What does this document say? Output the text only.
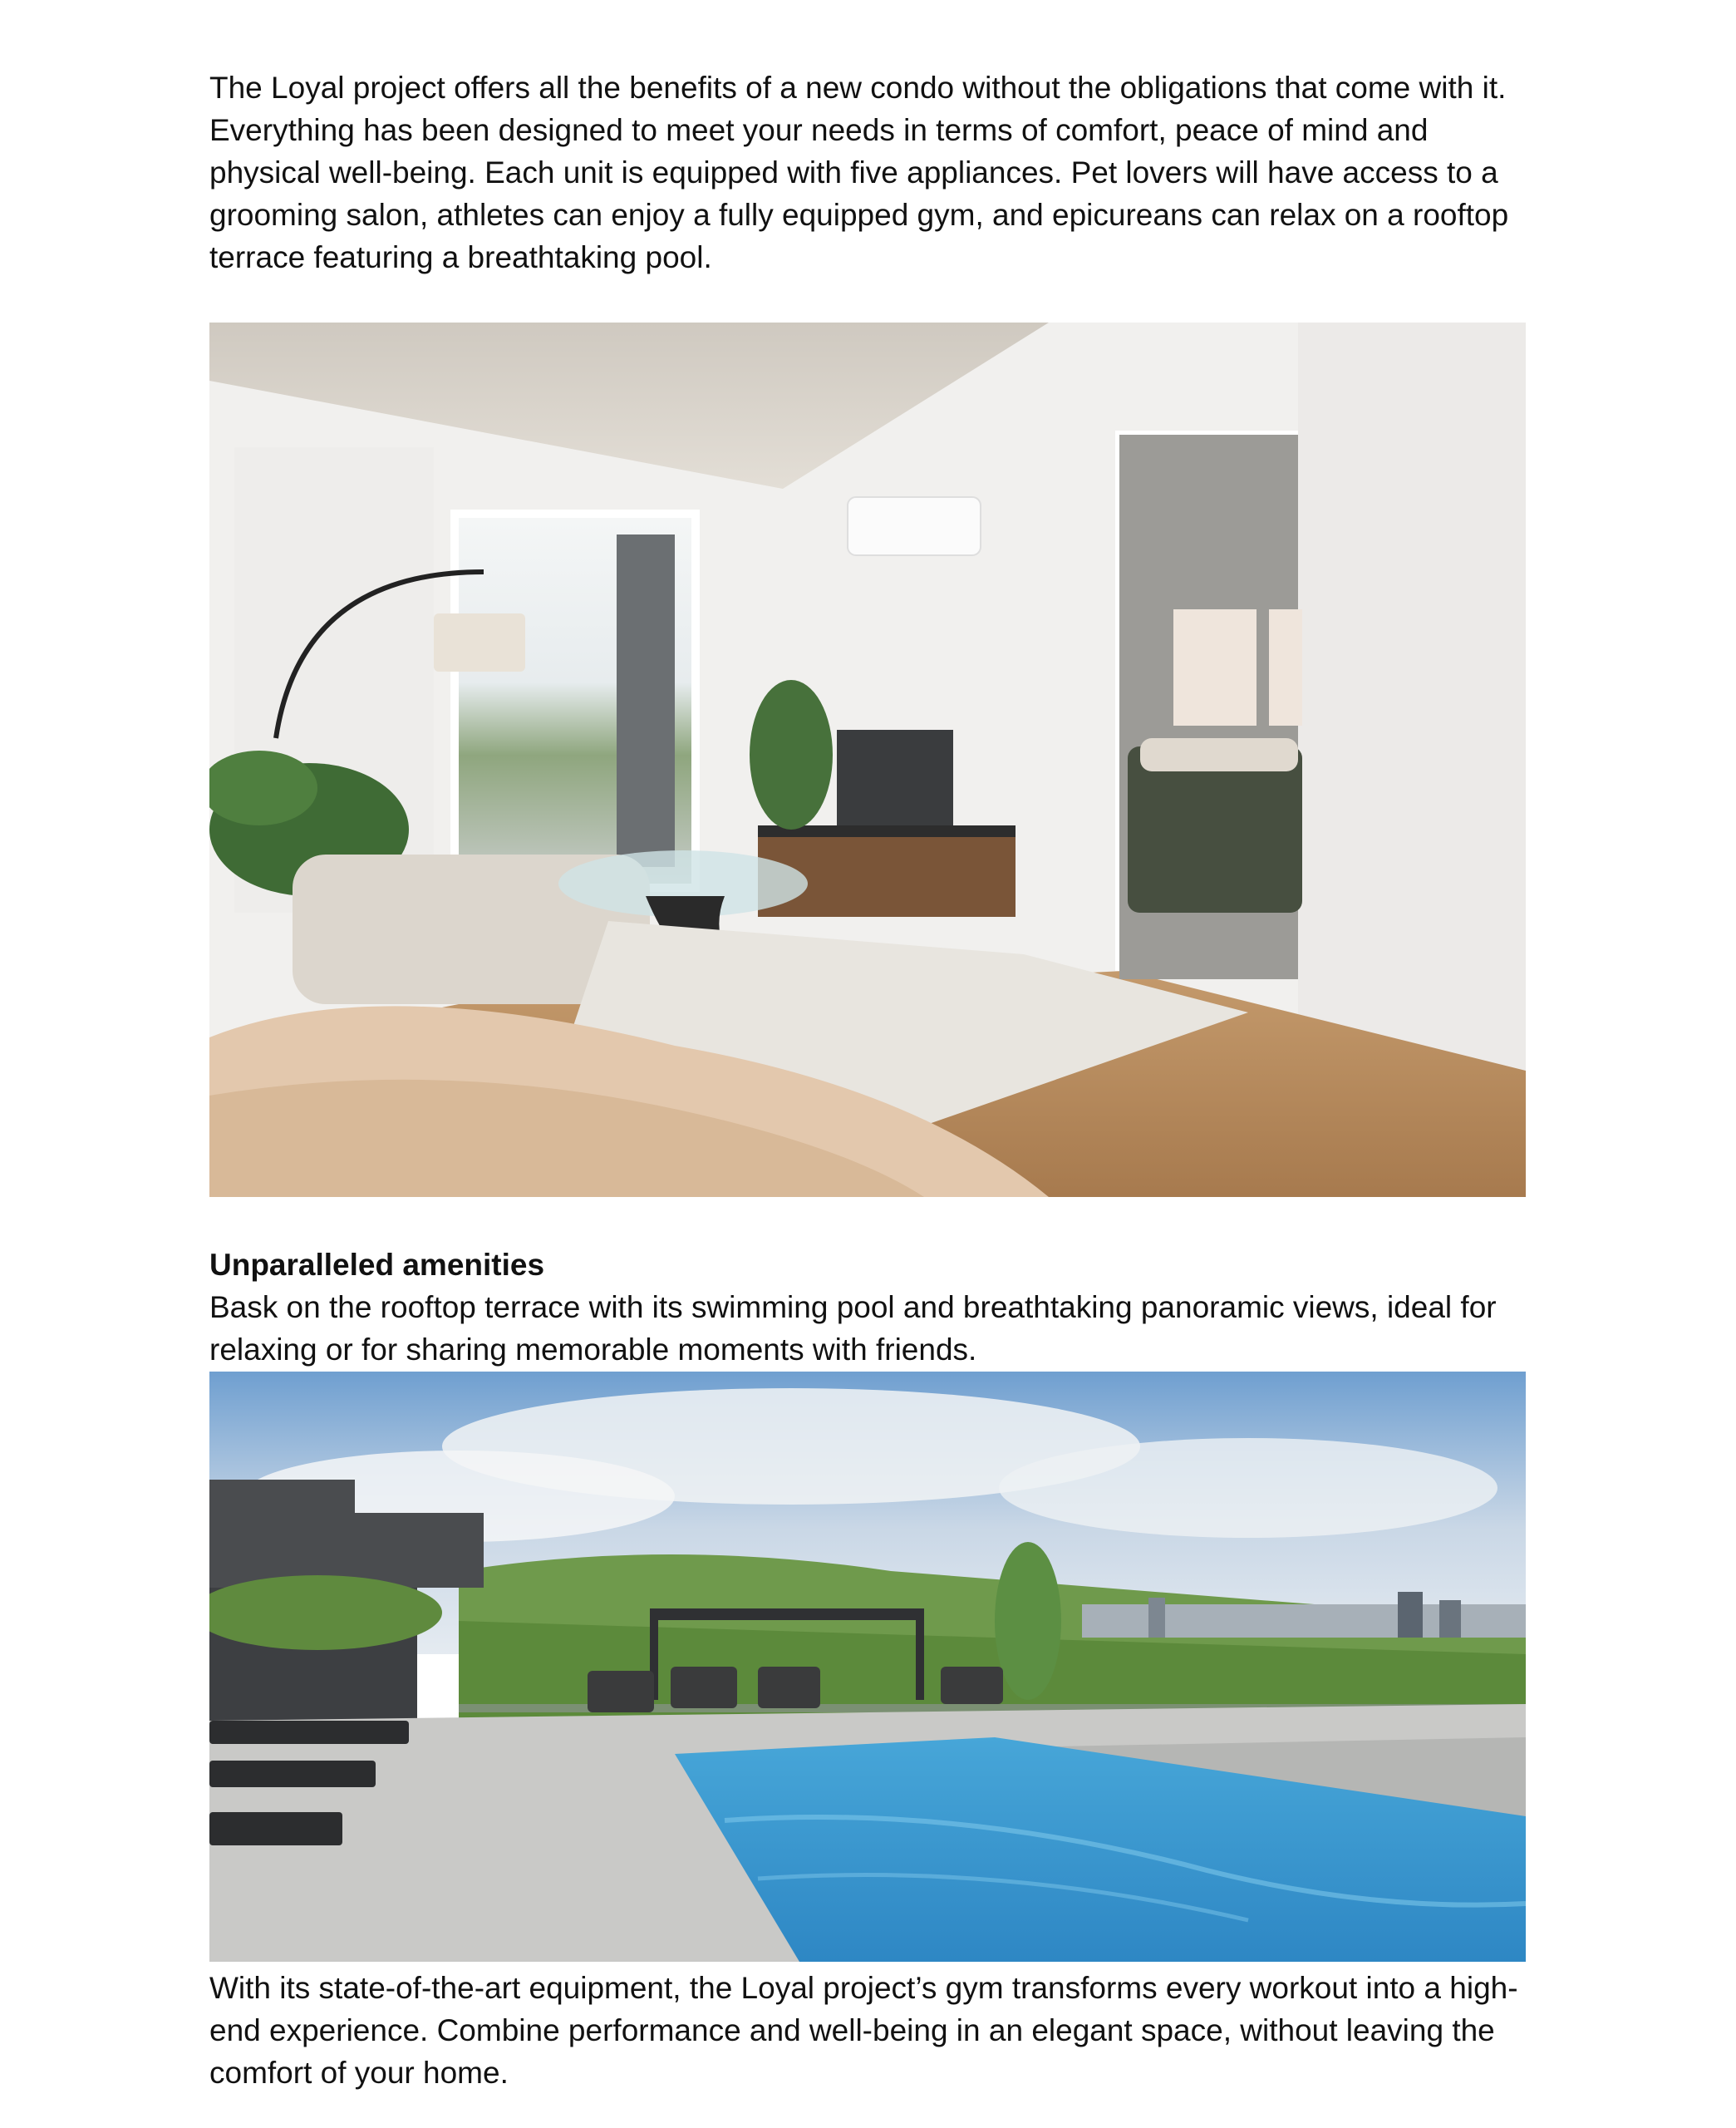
The Loyal project offers all the benefits of a new condo without the obligations that come with it. Everything has been designed to meet your needs in terms of comfort, peace of mind and physical well-being. Each unit is equipped with five appliances. Pet lovers will have access to a grooming salon, athletes can enjoy a fully equipped gym, and epicureans can relax on a rooftop terrace featuring a breathtaking pool.

Unparalleled amenities

Bask on the rooftop terrace with its swimming pool and breathtaking panoramic views, ideal for relaxing or for sharing memorable moments with friends.

With its state-of-the-art equipment, the Loyal project’s gym transforms every workout into a high-end experience. Combine performance and well-being in an elegant space, without leaving the comfort of your home.
